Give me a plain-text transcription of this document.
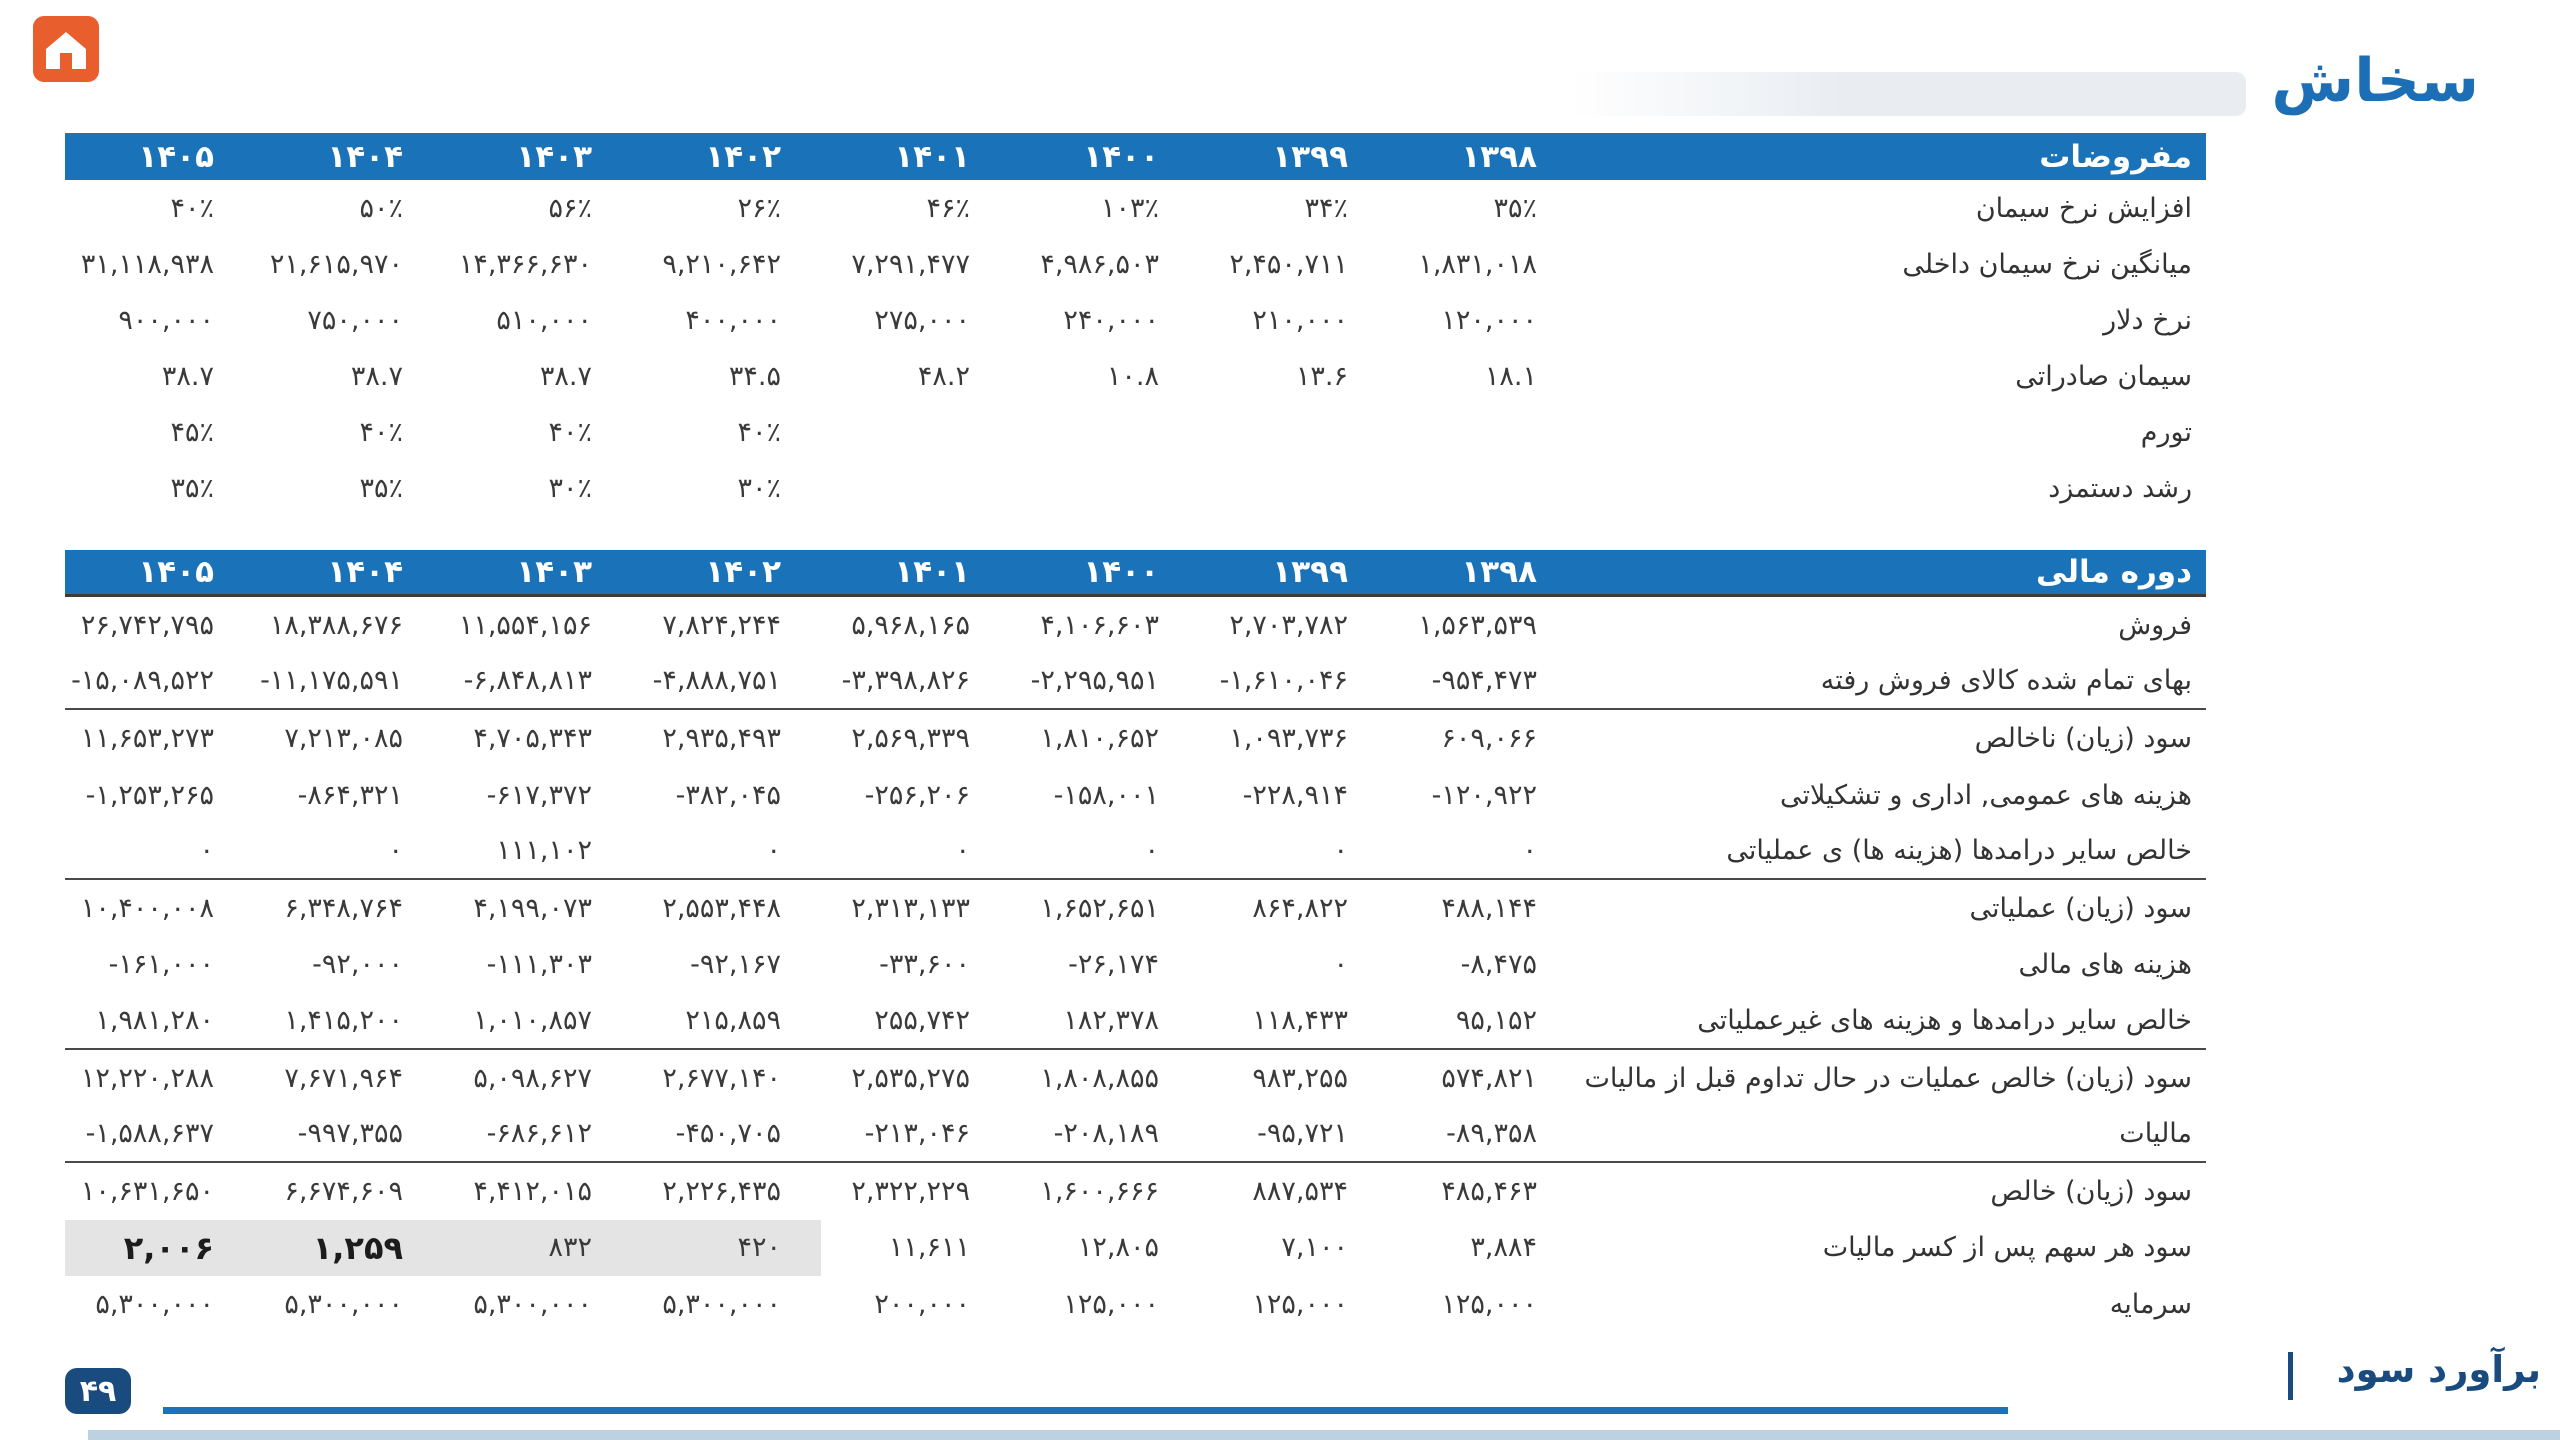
سخاش
۱۴۰۵	۱۴۰۴	۱۴۰۳	۱۴۰۲	۱۴۰۱	۱۴۰۰	۱۳۹۹	۱۳۹۸	مفروضات
۴۰٪	۵۰٪	۵۶٪	۲۶٪	۴۶٪	۱۰۳٪	۳۴٪	۳۵٪	افزایش نرخ سیمان
۳۱,۱۱۸,۹۳۸	۲۱,۶۱۵,۹۷۰	۱۴,۳۶۶,۶۳۰	۹,۲۱۰,۶۴۲	۷,۲۹۱,۴۷۷	۴,۹۸۶,۵۰۳	۲,۴۵۰,۷۱۱	۱,۸۳۱,۰۱۸	میانگین نرخ سیمان داخلی
۹۰۰,۰۰۰	۷۵۰,۰۰۰	۵۱۰,۰۰۰	۴۰۰,۰۰۰	۲۷۵,۰۰۰	۲۴۰,۰۰۰	۲۱۰,۰۰۰	۱۲۰,۰۰۰	نرخ دلار
۳۸.۷	۳۸.۷	۳۸.۷	۳۴.۵	۴۸.۲	۱۰.۸	۱۳.۶	۱۸.۱	سیمان صادراتی
۴۵٪	۴۰٪	۴۰٪	۴۰٪	تورم
۳۵٪	۳۵٪	۳۰٪	۳۰٪	رشد دستمزد
۱۴۰۵	۱۴۰۴	۱۴۰۳	۱۴۰۲	۱۴۰۱	۱۴۰۰	۱۳۹۹	۱۳۹۸	دوره مالی
۲۶,۷۴۲,۷۹۵	۱۸,۳۸۸,۶۷۶	۱۱,۵۵۴,۱۵۶	۷,۸۲۴,۲۴۴	۵,۹۶۸,۱۶۵	۴,۱۰۶,۶۰۳	۲,۷۰۳,۷۸۲	۱,۵۶۳,۵۳۹	فروش
-۱۵,۰۸۹,۵۲۲	-۱۱,۱۷۵,۵۹۱	-۶,۸۴۸,۸۱۳	-۴,۸۸۸,۷۵۱	-۳,۳۹۸,۸۲۶	-۲,۲۹۵,۹۵۱	-۱,۶۱۰,۰۴۶	-۹۵۴,۴۷۳	بهای تمام شده کالای فروش رفته
۱۱,۶۵۳,۲۷۳	۷,۲۱۳,۰۸۵	۴,۷۰۵,۳۴۳	۲,۹۳۵,۴۹۳	۲,۵۶۹,۳۳۹	۱,۸۱۰,۶۵۲	۱,۰۹۳,۷۳۶	۶۰۹,۰۶۶	سود (زیان) ناخالص
-۱,۲۵۳,۲۶۵	-۸۶۴,۳۲۱	-۶۱۷,۳۷۲	-۳۸۲,۰۴۵	-۲۵۶,۲۰۶	-۱۵۸,۰۰۱	-۲۲۸,۹۱۴	-۱۲۰,۹۲۲	هزینه های عمومی, اداری و تشکیلاتی
۰	۰	۱۱۱,۱۰۲	۰	۰	۰	۰	۰	خالص سایر درامدها (هزینه ها) ی عملیاتی
۱۰,۴۰۰,۰۰۸	۶,۳۴۸,۷۶۴	۴,۱۹۹,۰۷۳	۲,۵۵۳,۴۴۸	۲,۳۱۳,۱۳۳	۱,۶۵۲,۶۵۱	۸۶۴,۸۲۲	۴۸۸,۱۴۴	سود (زیان) عملیاتی
-۱۶۱,۰۰۰	-۹۲,۰۰۰	-۱۱۱,۳۰۳	-۹۲,۱۶۷	-۳۳,۶۰۰	-۲۶,۱۷۴	۰	-۸,۴۷۵	هزینه های مالی
۱,۹۸۱,۲۸۰	۱,۴۱۵,۲۰۰	۱,۰۱۰,۸۵۷	۲۱۵,۸۵۹	۲۵۵,۷۴۲	۱۸۲,۳۷۸	۱۱۸,۴۳۳	۹۵,۱۵۲	خالص سایر درامدها و هزینه های غیرعملیاتی
۱۲,۲۲۰,۲۸۸	۷,۶۷۱,۹۶۴	۵,۰۹۸,۶۲۷	۲,۶۷۷,۱۴۰	۲,۵۳۵,۲۷۵	۱,۸۰۸,۸۵۵	۹۸۳,۲۵۵	۵۷۴,۸۲۱	سود (زیان) خالص عملیات در حال تداوم قبل از مالیات
-۱,۵۸۸,۶۳۷	-۹۹۷,۳۵۵	-۶۸۶,۶۱۲	-۴۵۰,۷۰۵	-۲۱۳,۰۴۶	-۲۰۸,۱۸۹	-۹۵,۷۲۱	-۸۹,۳۵۸	مالیات
۱۰,۶۳۱,۶۵۰	۶,۶۷۴,۶۰۹	۴,۴۱۲,۰۱۵	۲,۲۲۶,۴۳۵	۲,۳۲۲,۲۲۹	۱,۶۰۰,۶۶۶	۸۸۷,۵۳۴	۴۸۵,۴۶۳	سود (زیان) خالص
۲,۰۰۶	۱,۲۵۹	۸۳۲	۴۲۰	۱۱,۶۱۱	۱۲,۸۰۵	۷,۱۰۰	۳,۸۸۴	سود هر سهم پس از کسر مالیات
۵,۳۰۰,۰۰۰	۵,۳۰۰,۰۰۰	۵,۳۰۰,۰۰۰	۵,۳۰۰,۰۰۰	۲۰۰,۰۰۰	۱۲۵,۰۰۰	۱۲۵,۰۰۰	۱۲۵,۰۰۰	سرمایه
۴۹	برآورد سود
